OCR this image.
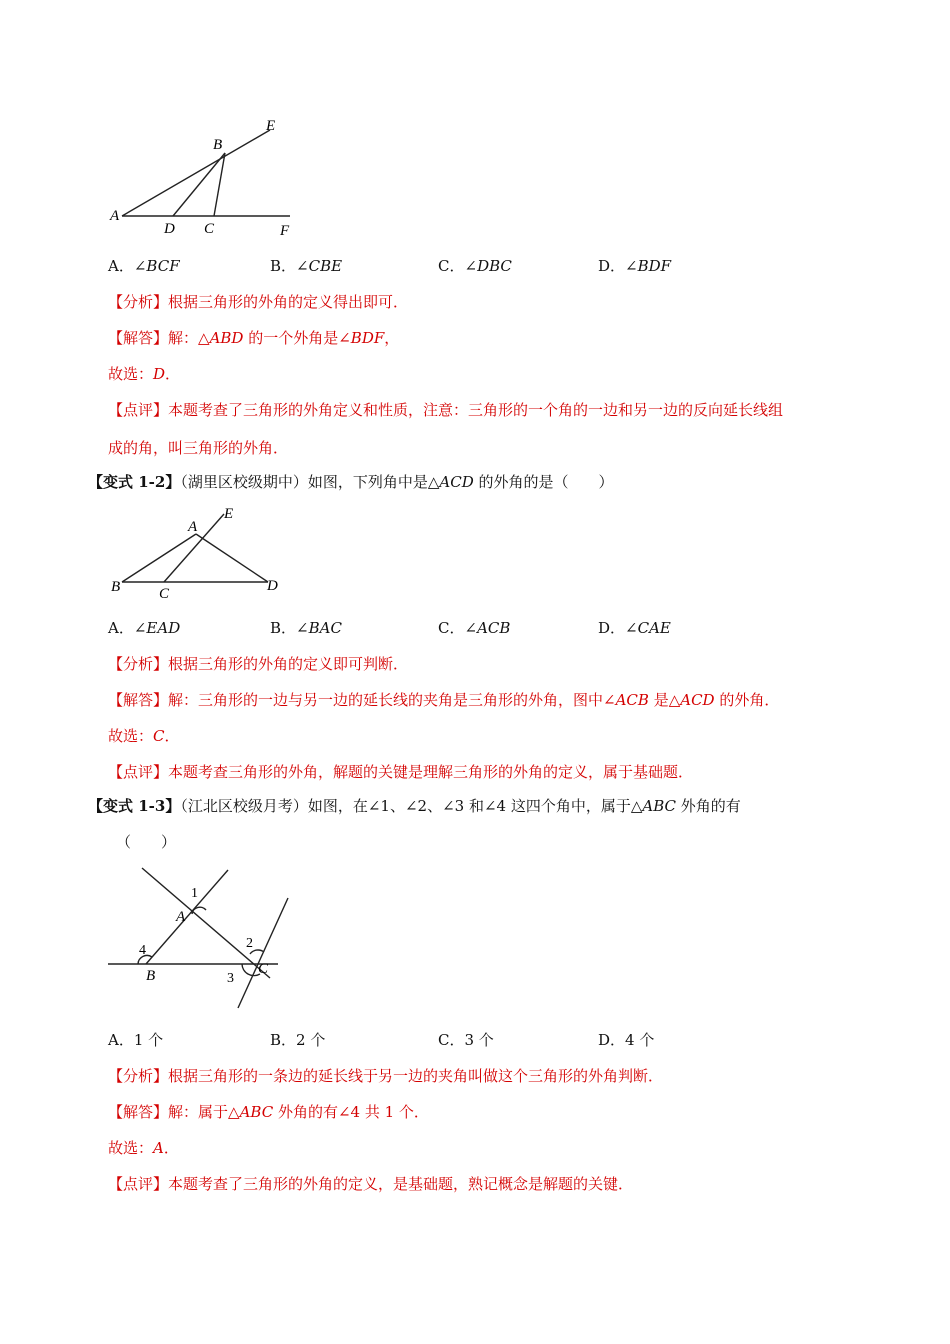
A
B
E
D C	F
A．∠BCF	B．∠CBE	C．∠DBC	D．∠BDF
【分析】根据三角形的外角的定义得出即可．
【解答】解：△ABD 的一个外角是∠BDF，
故选：D．
【点评】本题考查了三角形的外角定义和性质，注意：三角形的一个角的一边和另一边的反向延长线组
成的角，叫三角形的外角．
【变式 1-2】（湖里区校级期中）如图，下列角中是△ACD 的外角的是（　　）
A
E
B	C	D
A．∠EAD	B．∠BAC	C．∠ACB	D．∠CAE
【分析】根据三角形的外角的定义即可判断．
【解答】解：三角形的一边与另一边的延长线的夹角是三角形的外角，图中∠ACB 是△ACD 的外角．
故选：C．
【点评】本题考查三角形的外角，解题的关键是理解三角形的外角的定义，属于基础题．
【变式 1-3】（江北区校级月考）如图，在∠1、∠2、∠3 和∠4 这四个角中，属于△ABC 外角的有
（　　）
1
A
2
C
3
4
B
A．1 个	B．2 个	C．3 个	D．4 个
【分析】根据三角形的一条边的延长线于另一边的夹角叫做这个三角形的外角判断．
【解答】解：属于△ABC 外角的有∠4 共 1 个．
故选：A．
【点评】本题考查了三角形的外角的定义，是基础题，熟记概念是解题的关键．
